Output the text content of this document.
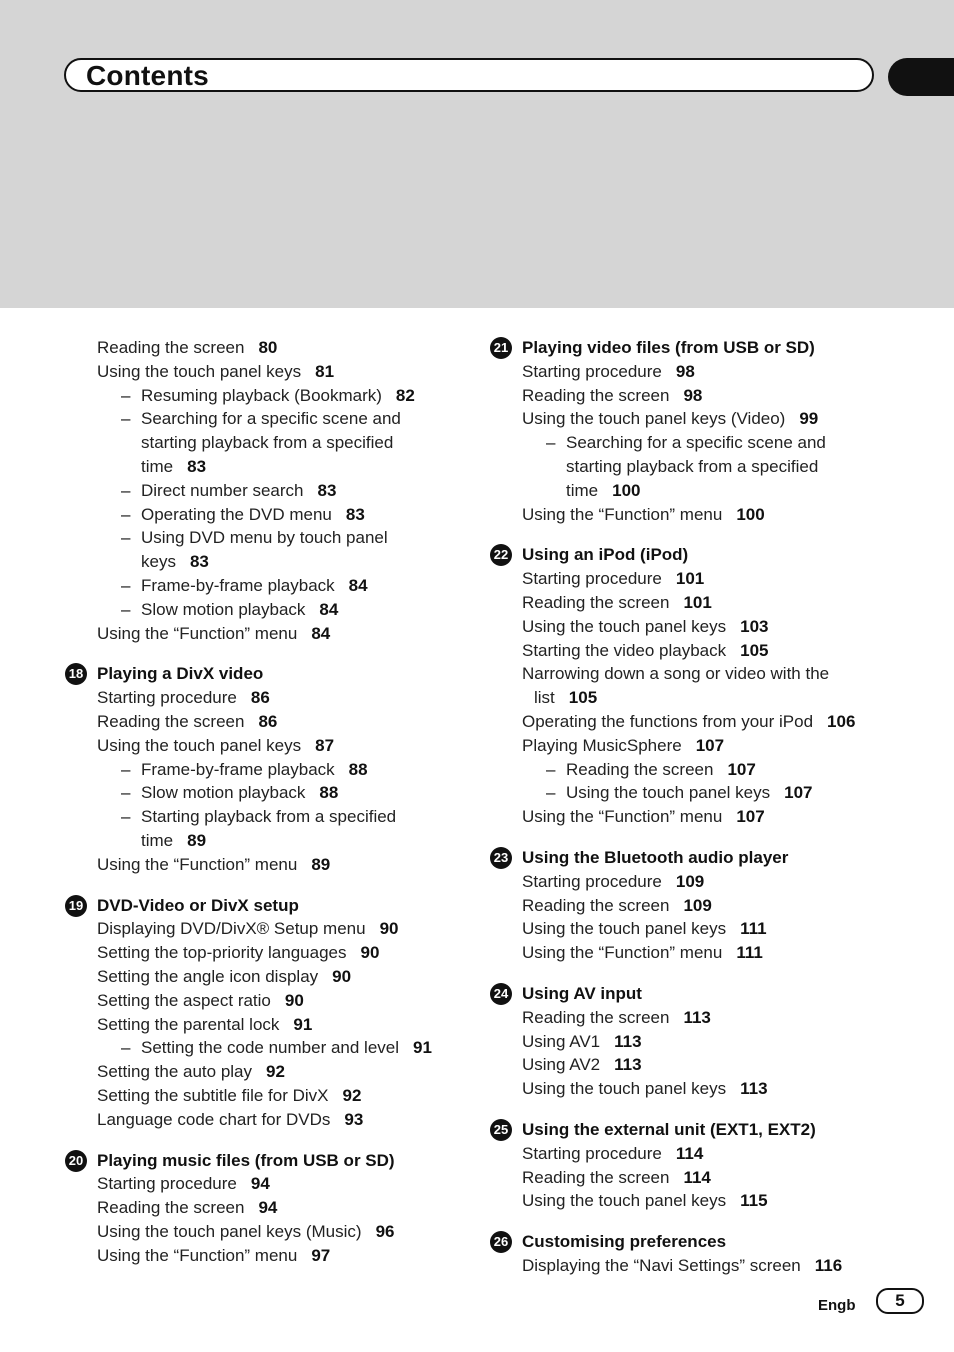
Contents
Reading the screen 80
Using the touch panel keys 81
– Resuming playback (Bookmark) 82
– Searching for a specific scene and
starting playback from a specified
time 83
– Direct number search 83
– Operating the DVD menu 83
– Using DVD menu by touch panel
keys 83
– Frame-by-frame playback 84
– Slow motion playback 84
Using the “Function” menu 84
18 Playing a DivX video
Starting procedure 86
Reading the screen 86
Using the touch panel keys 87
– Frame-by-frame playback 88
– Slow motion playback 88
– Starting playback from a specified
time 89
Using the “Function” menu 89
19 DVD-Video or DivX setup
Displaying DVD/DivX® Setup menu 90
Setting the top-priority languages 90
Setting the angle icon display 90
Setting the aspect ratio 90
Setting the parental lock 91
– Setting the code number and level 91
Setting the auto play 92
Setting the subtitle file for DivX 92
Language code chart for DVDs 93
20 Playing music files (from USB or SD)
Starting procedure 94
Reading the screen 94
Using the touch panel keys (Music) 96
Using the “Function” menu 97
21 Playing video files (from USB or SD)
Starting procedure 98
Reading the screen 98
Using the touch panel keys (Video) 99
– Searching for a specific scene and
starting playback from a specified
time 100
Using the “Function” menu 100
22 Using an iPod (iPod)
Starting procedure 101
Reading the screen 101
Using the touch panel keys 103
Starting the video playback 105
Narrowing down a song or video with the
list 105
Operating the functions from your iPod 106
Playing MusicSphere 107
– Reading the screen 107
– Using the touch panel keys 107
Using the “Function” menu 107
23 Using the Bluetooth audio player
Starting procedure 109
Reading the screen 109
Using the touch panel keys 111
Using the “Function” menu 111
24 Using AV input
Reading the screen 113
Using AV1 113
Using AV2 113
Using the touch panel keys 113
25 Using the external unit (EXT1, EXT2)
Starting procedure 114
Reading the screen 114
Using the touch panel keys 115
26 Customising preferences
Displaying the “Navi Settings” screen 116
Engb	5
